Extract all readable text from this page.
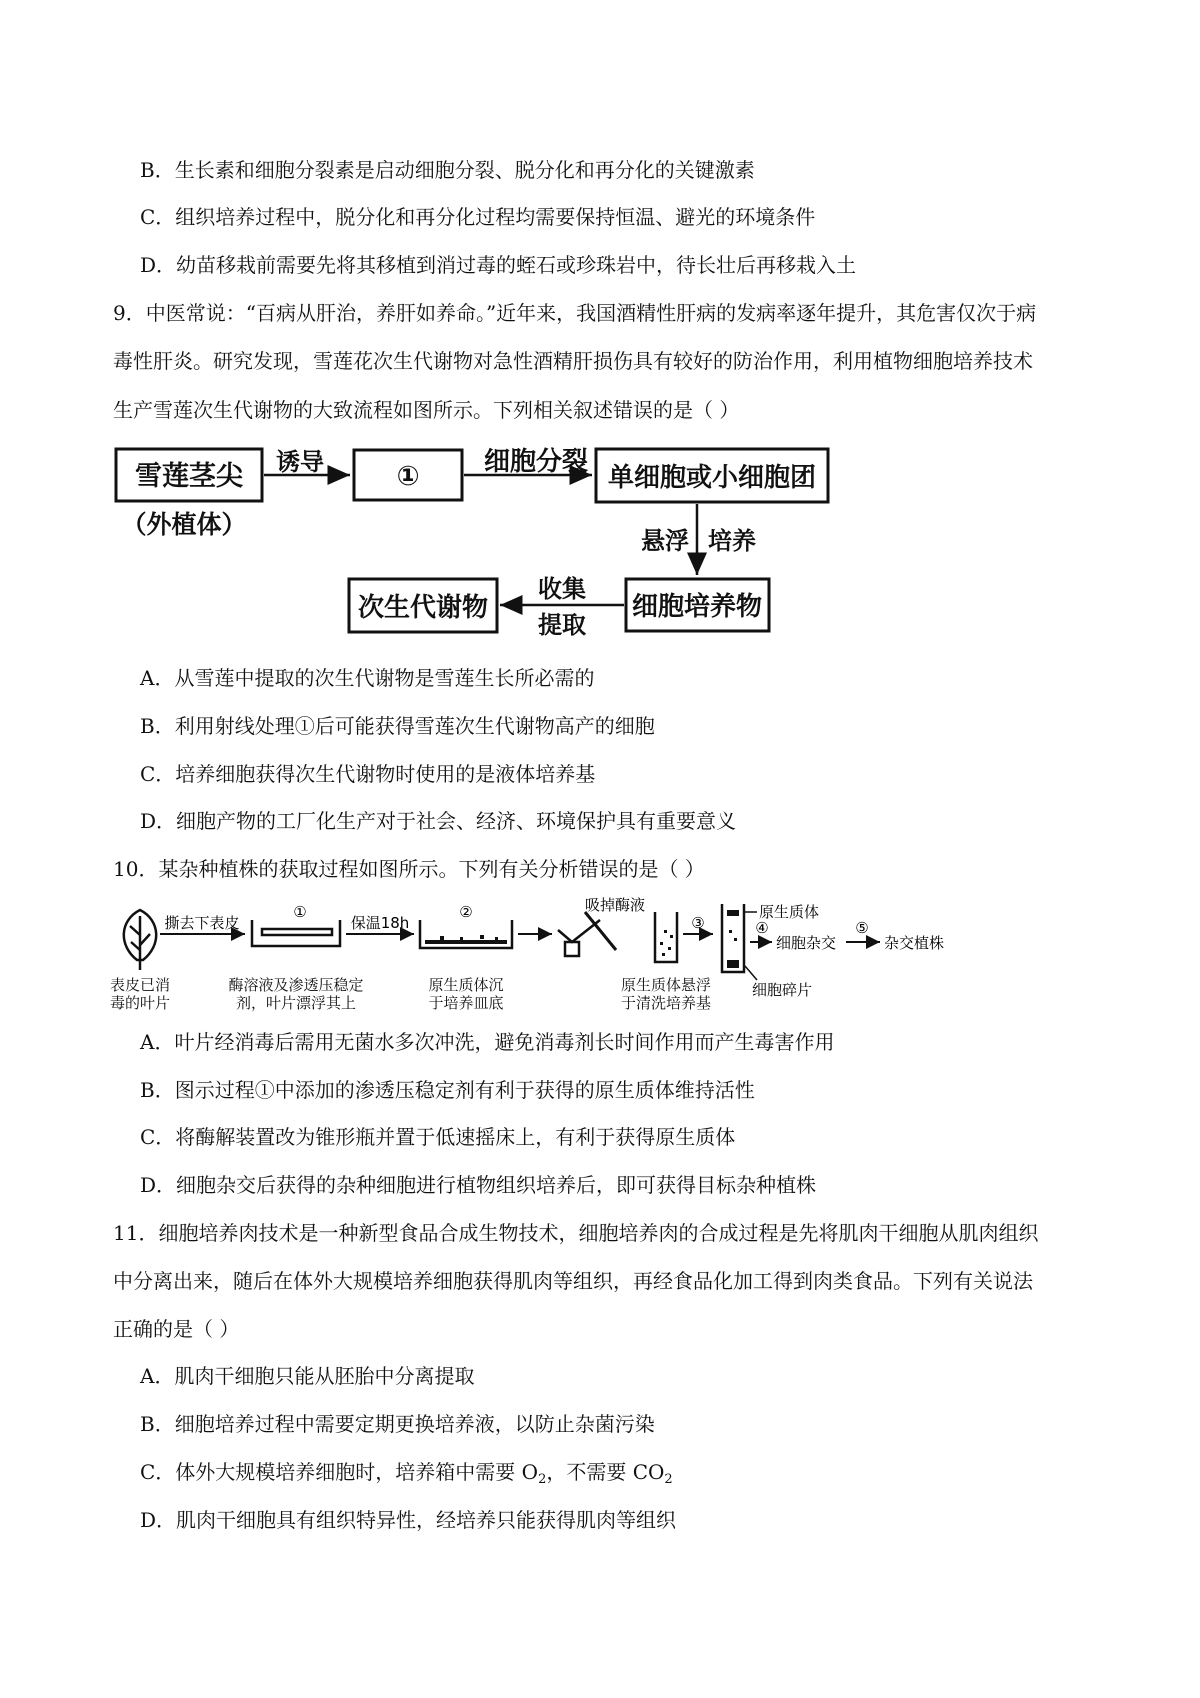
B．生长素和细胞分裂素是启动细胞分裂、脱分化和再分化的关键激素
C．组织培养过程中，脱分化和再分化过程均需要保持恒温、避光的环境条件
D．幼苗移栽前需要先将其移植到消过毒的蛭石或珍珠岩中，待长壮后再移栽入土
9．中医常说：“百病从肝治，养肝如养命。”近年来，我国酒精性肝病的发病率逐年提升，其危害仅次于病
毒性肝炎。研究发现，雪莲花次生代谢物对急性酒精肝损伤具有较好的防治作用，利用植物细胞培养技术
生产雪莲次生代谢物的大致流程如图所示。下列相关叙述错误的是（ ）
雪莲茎尖
（外植体）
诱导	① 细胞分裂
单细胞或小细胞团
悬浮 培养
细胞培养物
收集
提取
次生代谢物
A．从雪莲中提取的次生代谢物是雪莲生长所必需的
B．利用射线处理①后可能获得雪莲次生代谢物高产的细胞
C．培养细胞获得次生代谢物时使用的是液体培养基
D．细胞产物的工厂化生产对于社会、经济、环境保护具有重要意义
10．某杂种植株的获取过程如图所示。下列有关分析错误的是（ ）
表皮已消
毒的叶片
撕去下表皮
①
酶溶液及渗透压稳定
剂，叶片漂浮其上
保温18h
②
原生质体沉
于培养皿底
吸掉酶液
原生质体悬浮
于清洗培养基
③
原生质体
细胞碎片
④
细胞杂交
⑤
杂交植株
A．叶片经消毒后需用无菌水多次冲洗，避免消毒剂长时间作用而产生毒害作用
B．图示过程①中添加的渗透压稳定剂有利于获得的原生质体维持活性
C．将酶解装置改为锥形瓶并置于低速摇床上，有利于获得原生质体
D．细胞杂交后获得的杂种细胞进行植物组织培养后，即可获得目标杂种植株
11．细胞培养肉技术是一种新型食品合成生物技术，细胞培养肉的合成过程是先将肌肉干细胞从肌肉组织
中分离出来，随后在体外大规模培养细胞获得肌肉等组织，再经食品化加工得到肉类食品。下列有关说法
正确的是（ ）
A．肌肉干细胞只能从胚胎中分离提取
B．细胞培养过程中需要定期更换培养液，以防止杂菌污染
C．体外大规模培养细胞时，培养箱中需要 $O_2$，不需要 $CO_2$
D．肌肉干细胞具有组织特异性，经培养只能获得肌肉等组织
